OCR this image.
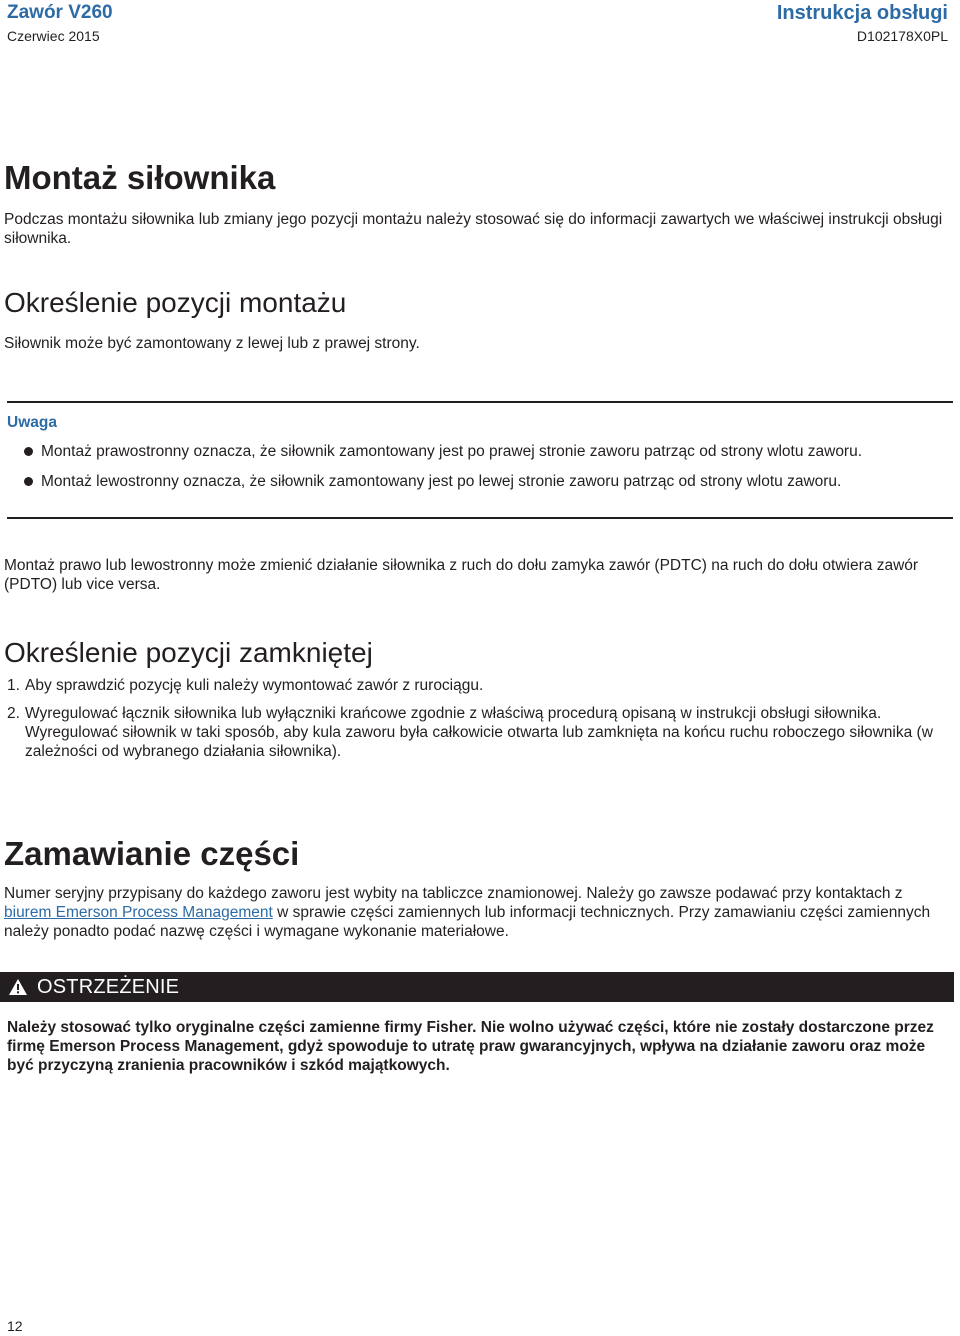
Zawór V260
Czerwiec 2015
Instrukcja obsługi
D102178X0PL
Montaż siłownika

Podczas montażu siłownika lub zmiany jego pozycji montażu należy stosować się do informacji zawartych we właściwej instrukcji obsługi siłownika.

Określenie pozycji montażu

Siłownik może być zamontowany z lewej lub z prawej strony.

Uwaga
Montaż prawostronny oznacza, że siłownik zamontowany jest po prawej stronie zaworu patrząc od strony wlotu zaworu.
Montaż lewostronny oznacza, że siłownik zamontowany jest po lewej stronie zaworu patrząc od strony wlotu zaworu.

Montaż prawo lub lewostronny może zmienić działanie siłownika z ruch do dołu zamyka zawór (PDTC) na ruch do dołu otwiera zawór (PDTO) lub vice versa.

Określenie pozycji zamkniętej
1. Aby sprawdzić pozycję kuli należy wymontować zawór z rurociągu.
2. Wyregulować łącznik siłownika lub wyłączniki krańcowe zgodnie z właściwą procedurą opisaną w instrukcji obsługi siłownika. Wyregulować siłownik w taki sposób, aby kula zaworu była całkowicie otwarta lub zamknięta na końcu ruchu roboczego siłownika (w zależności od wybranego działania siłownika).
Zamawianie części

Numer seryjny przypisany do każdego zaworu jest wybity na tabliczce znamionowej. Należy go zawsze podawać przy kontaktach z biurem Emerson Process Management w sprawie części zamiennych lub informacji technicznych. Przy zamawianiu części zamiennych należy ponadto podać nazwę części i wymagane wykonanie materiałowe.

OSTRZEŻENIE

Należy stosować tylko oryginalne części zamienne firmy Fisher. Nie wolno używać części, które nie zostały dostarczone przez firmę Emerson Process Management, gdyż spowoduje to utratę praw gwarancyjnych, wpływa na działanie zaworu oraz może być przyczyną zranienia pracowników i szkód majątkowych.

12
